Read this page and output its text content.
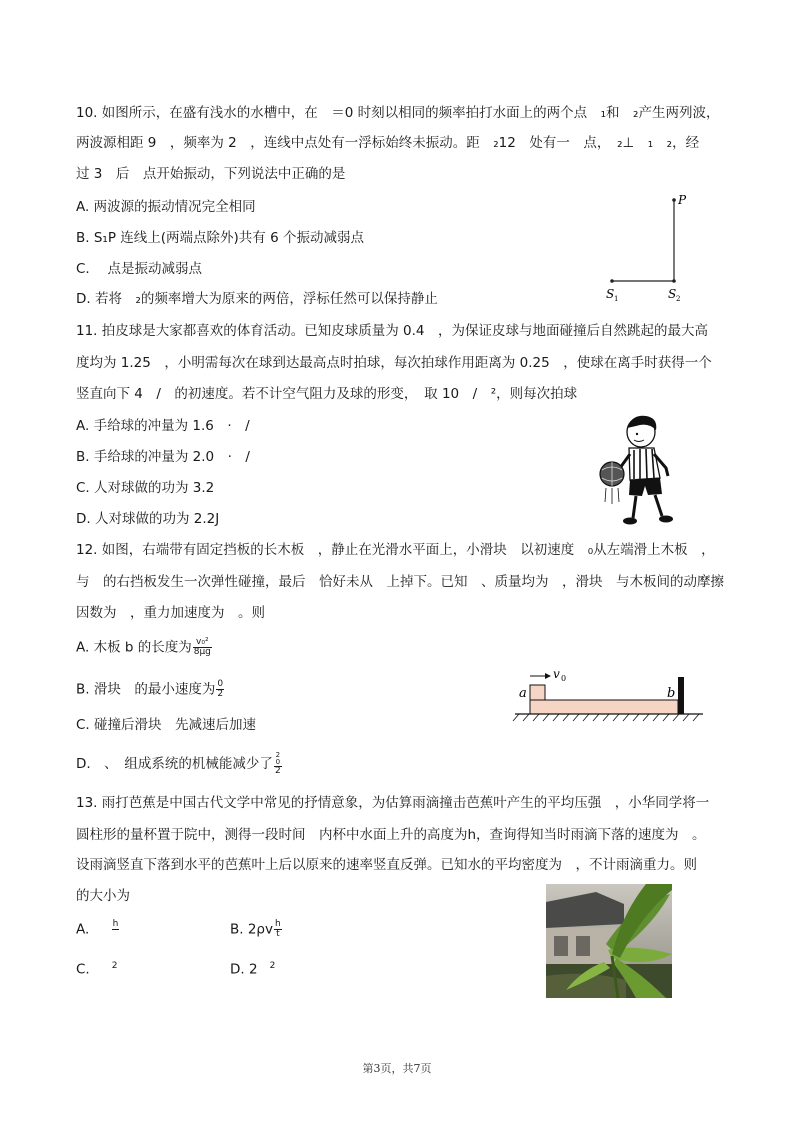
10. 如图所示，在盛有浅水的水槽中，在　＝0 时刻以相同的频率拍打水面上的两个点　₁和　₂产生两列波，
两波源相距 9　，频率为 2　，连线中点处有一浮标始终未振动。距　₂12　处有一　点，　₂⊥　₁　₂，经
过 3　后　点开始振动，下列说法中正确的是
A. 两波源的振动情况完全相同
B. S₁P 连线上(两端点除外)共有 6 个振动减弱点
C. 　点是振动减弱点
D. 若将　₂的频率增大为原来的两倍，浮标任然可以保持静止
P
S 1	S 2
11. 拍皮球是大家都喜欢的体育活动。已知皮球质量为 0.4　，为保证皮球与地面碰撞后自然跳起的最大高
度均为 1.25　，小明需每次在球到达最高点时拍球，每次拍球作用距离为 0.25　，使球在离手时获得一个
竖直向下 4　/　的初速度。若不计空气阻力及球的形变，　取 10　/　²，则每次拍球
A. 手给球的冲量为 1.6　·　/
B. 手给球的冲量为 2.0　·　/
C. 人对球做的功为 3.2
D. 人对球做的功为 2.2J
12. 如图，右端带有固定挡板的长木板　，静止在光滑水平面上，小滑块　以初速度　₀从左端滑上木板　，
与　的右挡板发生一次弹性碰撞，最后　恰好未从　上掉下。已知　、质量均为　，滑块　与木板间的动摩擦
因数为　，重力加速度为　。则
A. 木板 b 的长度为 $\frac{\text{v₀²}}{8\mu g}$
B. 滑块　的最小速度为 $\frac{0}{2}$
C. 碰撞后滑块　先减速后加速
D.　、　组成系统的机械能减少了 2
0
2
v 0
a	b
13. 雨打芭蕉是中国古代文学中常见的抒情意象，为估算雨滴撞击芭蕉叶产生的平均压强　，小华同学将一
圆柱形的量杯置于院中，测得一段时间　内杯中水面上升的高度为h，查询得知当时雨滴下落的速度为　。
设雨滴竖直下落到水平的芭蕉叶上后以原来的速率竖直反弹。已知水的平均密度为　，不计雨滴重力。则
的大小为
A.	h
	B. $2\rho v \frac{h}{t}$
C. $^2$	D. 2 $^2$
第3页，共7页
